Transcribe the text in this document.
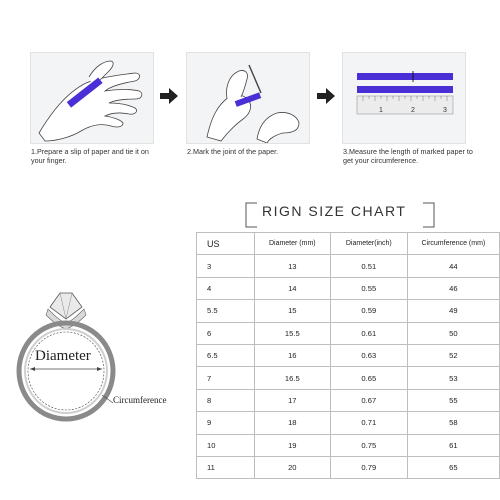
1	2	3
1.Prepare a slip of paper and tie it on your finger.
2.Mark the joint of the paper.	3.Measure the length of marked paper to get your circumference.
RIGN SIZE CHART
US	Diameter (mm)	Diameter(inch)	Circumference (mm)
3	13	0.51	44
4	14	0.55	46
5.5	15	0.59	49
6	15.5	0.61	50
6.5	16	0.63	52
7	16.5	0.65	53
8	17	0.67	55
9	18	0.71	58
10	19	0.75	61
11	20	0.79	65
Diameter
Circumference
